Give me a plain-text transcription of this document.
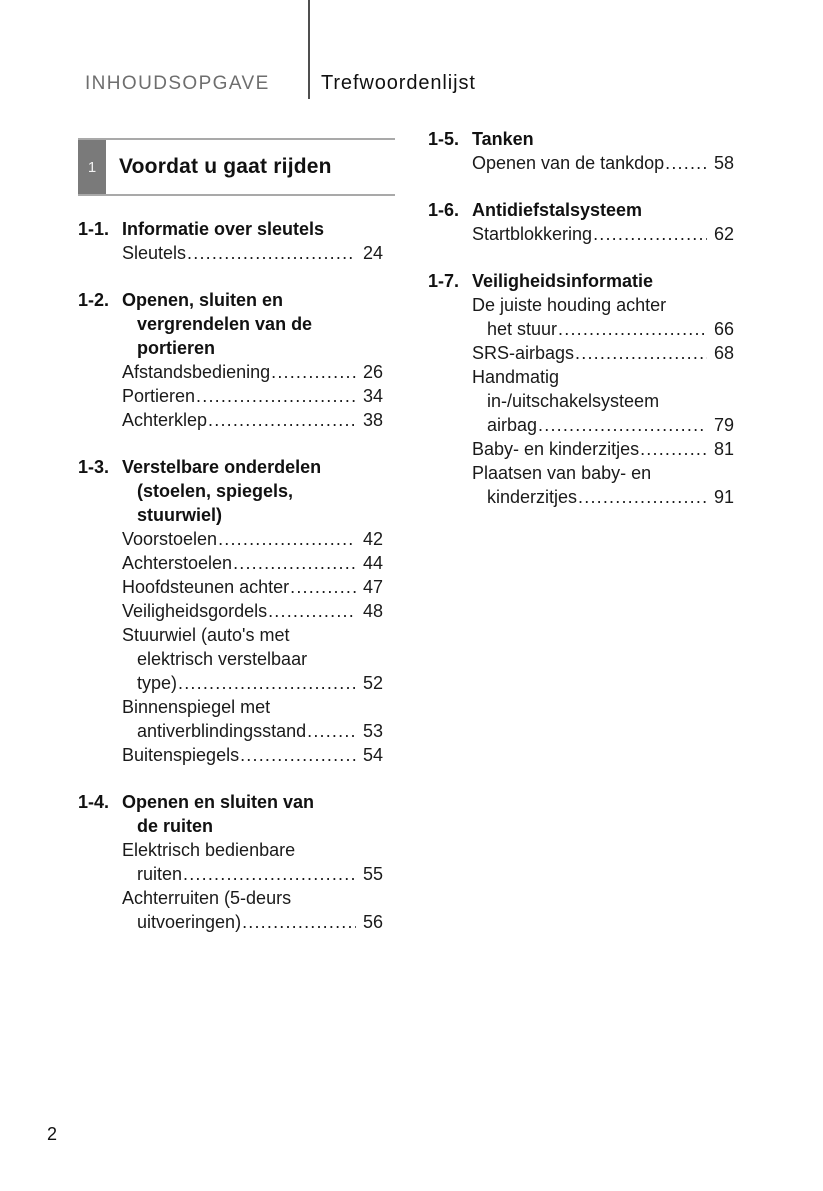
INHOUDSOPGAVE	Trefwoordenlijst
1	Voordat u gaat rijden
1-1. Informatie over sleutels
Sleutels .....	24
1-2. Openen, sluiten en
vergrendelen van de
portieren
Afstandsbediening .....	26
Portieren .....	34
Achterklep .....	38
1-3. Verstelbare onderdelen
(stoelen, spiegels,
stuurwiel)
Voorstoelen .....	42
Achterstoelen .....	44
Hoofdsteunen achter .....	47
Veiligheidsgordels .....	48
Stuurwiel (auto's met
elektrisch verstelbaar
type) .....	52
Binnenspiegel met
antiverblindingsstand .....	53
Buitenspiegels .....	54
1-4. Openen en sluiten van
de ruiten
Elektrisch bedienbare
ruiten .....	55
Achterruiten (5-deurs
uitvoeringen) .....	56
1-5. Tanken
Openen van de tankdop .....	58
1-6. Antidiefstalsysteem
Startblokkering .....	62
1-7. Veiligheidsinformatie
De juiste houding achter
het stuur .....	66
SRS-airbags .....	68
Handmatig
in-/uitschakelsysteem
airbag .....	79
Baby- en kinderzitjes .....	81
Plaatsen van baby- en
kinderzitjes .....	91
2
